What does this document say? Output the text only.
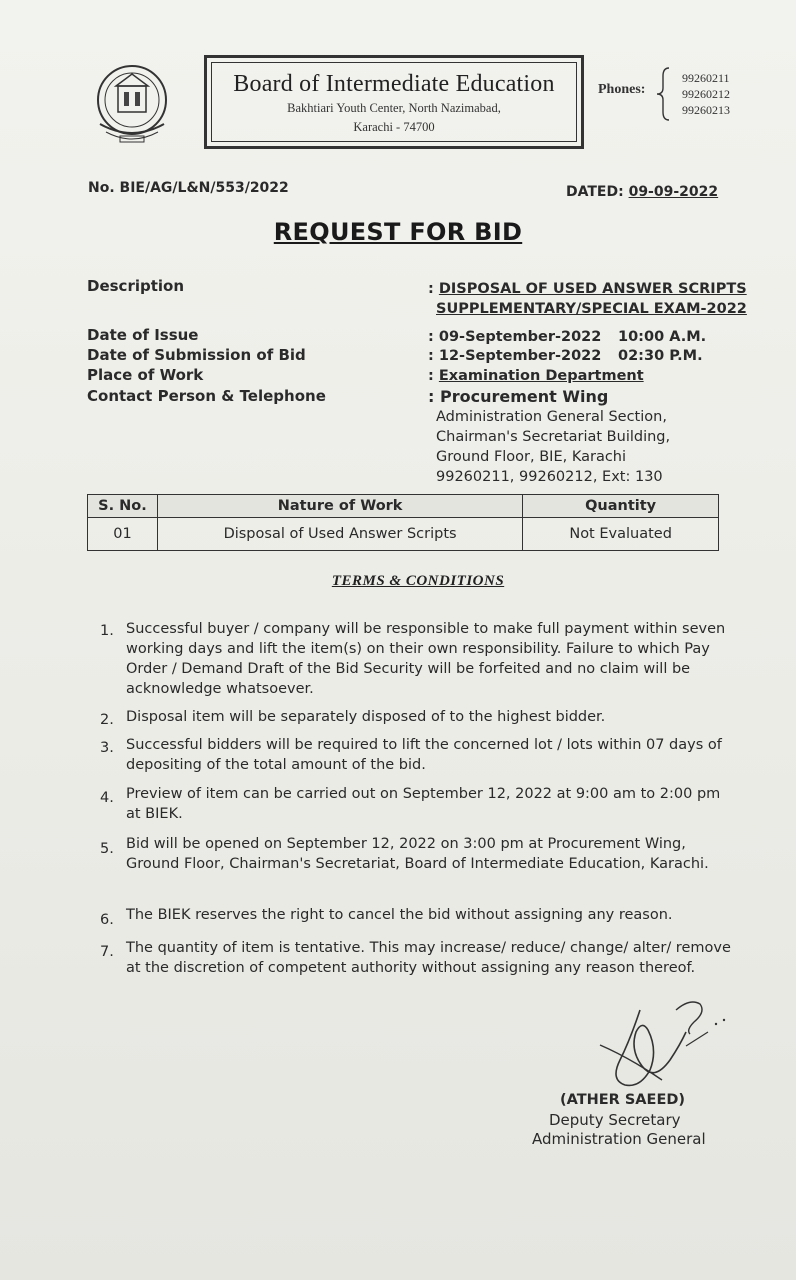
Board of Intermediate Education
Bakhtiari Youth Center, North Nazimabad,
Karachi - 74700
Phones:
99260211
99260212
99260213
No. BIE/AG/L&N/553/2022	DATED: 09-09-2022
REQUEST FOR BID
Description	: DISPOSAL OF USED ANSWER SCRIPTS
SUPPLEMENTARY/SPECIAL EXAM-2022
Date of Issue	: 09-September-2022 10:00 A.M.
Date of Submission of Bid	: 12-September-2022 02:30 P.M.
Place of Work	: Examination Department
Contact Person & Telephone	: Procurement Wing
Administration General Section,
Chairman's Secretariat Building,
Ground Floor, BIE, Karachi
99260211, 99260212, Ext: 130
S. No.	Nature of Work	Quantity
01	Disposal of Used Answer Scripts	Not Evaluated
TERMS & CONDITIONS
1. Successful buyer / company will be responsible to make full payment within seven working days and lift the item(s) on their own responsibility. Failure to which Pay Order / Demand Draft of the Bid Security will be forfeited and no claim will be acknowledge whatsoever.
2. Disposal item will be separately disposed of to the highest bidder.
3. Successful bidders will be required to lift the concerned lot / lots within 07 days of depositing of the total amount of the bid.
4. Preview of item can be carried out on September 12, 2022 at 9:00 am to 2:00 pm at BIEK.
5. Bid will be opened on September 12, 2022 on 3:00 pm at Procurement Wing, Ground Floor, Chairman's Secretariat, Board of Intermediate Education, Karachi.
6. The BIEK reserves the right to cancel the bid without assigning any reason.
7. The quantity of item is tentative. This may increase/ reduce/ change/ alter/ remove at the discretion of competent authority without assigning any reason thereof.
(ATHER SAEED)
Deputy Secretary
Administration General
